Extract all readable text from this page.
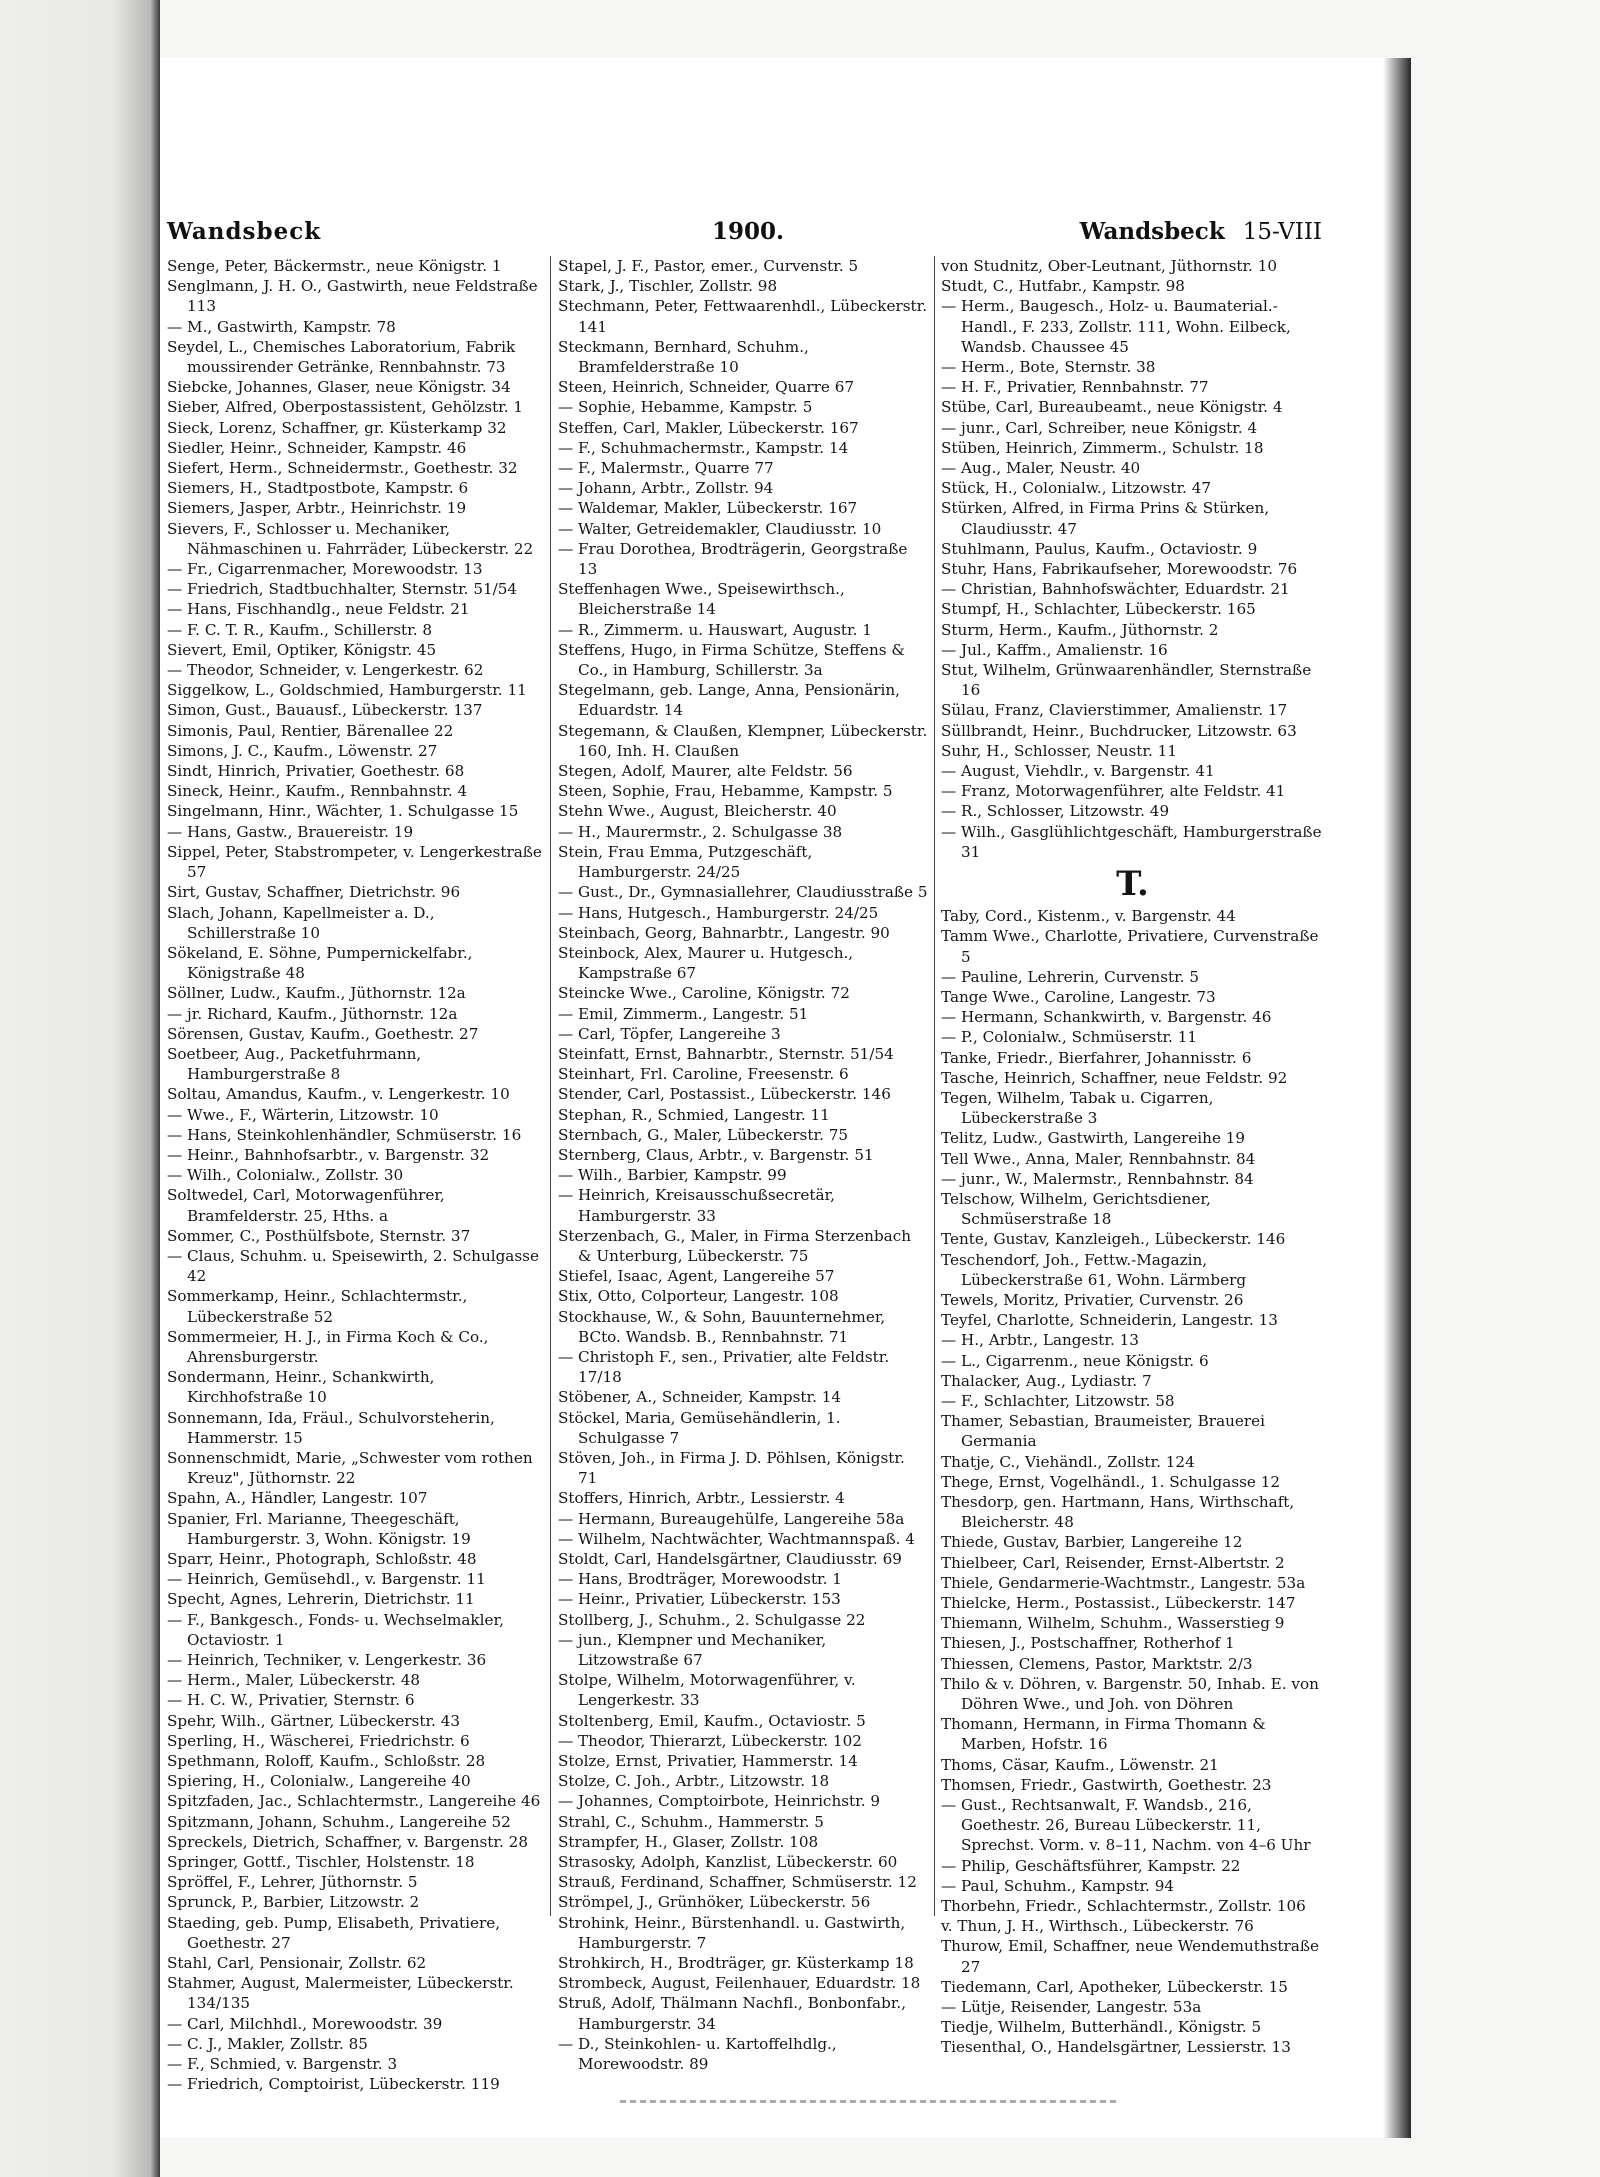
Wandsbeck	1900.	Wandsbeck 15-VIII

Senge, Peter, Bäckermstr., neue Königstr. 1

Senglmann, J. H. O., Gastwirth, neue Feldstraße 113

— M., Gastwirth, Kampstr. 78

Seydel, L., Chemisches Laboratorium, Fabrik moussirender Getränke, Rennbahnstr. 73

Siebcke, Johannes, Glaser, neue Königstr. 34

Sieber, Alfred, Oberpostassistent, Gehölzstr. 1

Sieck, Lorenz, Schaffner, gr. Küsterkamp 32

Siedler, Heinr., Schneider, Kampstr. 46

Siefert, Herm., Schneidermstr., Goethestr. 32

Siemers, H., Stadtpostbote, Kampstr. 6

Siemers, Jasper, Arbtr., Heinrichstr. 19

Sievers, F., Schlosser u. Mechaniker, Nähmaschinen u. Fahrräder, Lübeckerstr. 22

— Fr., Cigarrenmacher, Morewoodstr. 13

— Friedrich, Stadtbuchhalter, Sternstr. 51/54

— Hans, Fischhandlg., neue Feldstr. 21

— F. C. T. R., Kaufm., Schillerstr. 8

Sievert, Emil, Optiker, Königstr. 45

— Theodor, Schneider, v. Lengerkestr. 62

Siggelkow, L., Goldschmied, Hamburgerstr. 11

Simon, Gust., Bauausf., Lübeckerstr. 137

Simonis, Paul, Rentier, Bärenallee 22

Simons, J. C., Kaufm., Löwenstr. 27

Sindt, Hinrich, Privatier, Goethestr. 68

Sineck, Heinr., Kaufm., Rennbahnstr. 4

Singelmann, Hinr., Wächter, 1. Schulgasse 15

— Hans, Gastw., Brauereistr. 19

Sippel, Peter, Stabstrompeter, v. Lengerkestraße 57

Sirt, Gustav, Schaffner, Dietrichstr. 96

Slach, Johann, Kapellmeister a. D., Schillerstraße 10

Sökeland, E. Söhne, Pumpernickelfabr., Königstraße 48

Söllner, Ludw., Kaufm., Jüthornstr. 12a

— jr. Richard, Kaufm., Jüthornstr. 12a

Sörensen, Gustav, Kaufm., Goethestr. 27

Soetbeer, Aug., Packetfuhrmann, Hamburgerstraße 8

Soltau, Amandus, Kaufm., v. Lengerkestr. 10

— Wwe., F., Wärterin, Litzowstr. 10

— Hans, Steinkohlenhändler, Schmüserstr. 16

— Heinr., Bahnhofsarbtr., v. Bargenstr. 32

— Wilh., Colonialw., Zollstr. 30

Soltwedel, Carl, Motorwagenführer, Bramfelderstr. 25, Hths. a

Sommer, C., Posthülfsbote, Sternstr. 37

— Claus, Schuhm. u. Speisewirth, 2. Schulgasse 42

Sommerkamp, Heinr., Schlachtermstr., Lübeckerstraße 52

Sommermeier, H. J., in Firma Koch & Co., Ahrensburgerstr.

Sondermann, Heinr., Schankwirth, Kirchhofstraße 10

Sonnemann, Ida, Fräul., Schulvorsteherin, Hammerstr. 15

Sonnenschmidt, Marie, „Schwester vom rothen Kreuz", Jüthornstr. 22

Spahn, A., Händler, Langestr. 107

Spanier, Frl. Marianne, Theegeschäft, Hamburgerstr. 3, Wohn. Königstr. 19

Sparr, Heinr., Photograph, Schloßstr. 48

— Heinrich, Gemüsehdl., v. Bargenstr. 11

Specht, Agnes, Lehrerin, Dietrichstr. 11

— F., Bankgesch., Fonds- u. Wechselmakler, Octaviostr. 1

— Heinrich, Techniker, v. Lengerkestr. 36

— Herm., Maler, Lübeckerstr. 48

— H. C. W., Privatier, Sternstr. 6

Spehr, Wilh., Gärtner, Lübeckerstr. 43

Sperling, H., Wäscherei, Friedrichstr. 6

Spethmann, Roloff, Kaufm., Schloßstr. 28

Spiering, H., Colonialw., Langereihe 40

Spitzfaden, Jac., Schlachtermstr., Langereihe 46

Spitzmann, Johann, Schuhm., Langereihe 52

Spreckels, Dietrich, Schaffner, v. Bargenstr. 28

Springer, Gottf., Tischler, Holstenstr. 18

Spröffel, F., Lehrer, Jüthornstr. 5

Sprunck, P., Barbier, Litzowstr. 2

Staeding, geb. Pump, Elisabeth, Privatiere, Goethestr. 27

Stahl, Carl, Pensionair, Zollstr. 62

Stahmer, August, Malermeister, Lübeckerstr. 134/135

— Carl, Milchhdl., Morewoodstr. 39

— C. J., Makler, Zollstr. 85

— F., Schmied, v. Bargenstr. 3

— Friedrich, Comptoirist, Lübeckerstr. 119

Stapel, J. F., Pastor, emer., Curvenstr. 5

Stark, J., Tischler, Zollstr. 98

Stechmann, Peter, Fettwaarenhdl., Lübeckerstr. 141

Steckmann, Bernhard, Schuhm., Bramfelderstraße 10

Steen, Heinrich, Schneider, Quarre 67

— Sophie, Hebamme, Kampstr. 5

Steffen, Carl, Makler, Lübeckerstr. 167

— F., Schuhmachermstr., Kampstr. 14

— F., Malermstr., Quarre 77

— Johann, Arbtr., Zollstr. 94

— Waldemar, Makler, Lübeckerstr. 167

— Walter, Getreidemakler, Claudiusstr. 10

— Frau Dorothea, Brodträgerin, Georgstraße 13

Steffenhagen Wwe., Speisewirthsch., Bleicherstraße 14

— R., Zimmerm. u. Hauswart, Augustr. 1

Steffens, Hugo, in Firma Schütze, Steffens & Co., in Hamburg, Schillerstr. 3a

Stegelmann, geb. Lange, Anna, Pensionärin, Eduardstr. 14

Stegemann, & Claußen, Klempner, Lübeckerstr. 160, Inh. H. Claußen

Stegen, Adolf, Maurer, alte Feldstr. 56

Steen, Sophie, Frau, Hebamme, Kampstr. 5

Stehn Wwe., August, Bleicherstr. 40

— H., Maurermstr., 2. Schulgasse 38

Stein, Frau Emma, Putzgeschäft, Hamburgerstr. 24/25

— Gust., Dr., Gymnasiallehrer, Claudiusstraße 5

— Hans, Hutgesch., Hamburgerstr. 24/25

Steinbach, Georg, Bahnarbtr., Langestr. 90

Steinbock, Alex, Maurer u. Hutgesch., Kampstraße 67

Steincke Wwe., Caroline, Königstr. 72

— Emil, Zimmerm., Langestr. 51

— Carl, Töpfer, Langereihe 3

Steinfatt, Ernst, Bahnarbtr., Sternstr. 51/54

Steinhart, Frl. Caroline, Freesenstr. 6

Stender, Carl, Postassist., Lübeckerstr. 146

Stephan, R., Schmied, Langestr. 11

Sternbach, G., Maler, Lübeckerstr. 75

Sternberg, Claus, Arbtr., v. Bargenstr. 51

— Wilh., Barbier, Kampstr. 99

— Heinrich, Kreisausschußsecretär, Hamburgerstr. 33

Sterzenbach, G., Maler, in Firma Sterzenbach & Unterburg, Lübeckerstr. 75

Stiefel, Isaac, Agent, Langereihe 57

Stix, Otto, Colporteur, Langestr. 108

Stockhause, W., & Sohn, Bauunternehmer, BCto. Wandsb. B., Rennbahnstr. 71

— Christoph F., sen., Privatier, alte Feldstr. 17/18

Stöbener, A., Schneider, Kampstr. 14

Stöckel, Maria, Gemüsehändlerin, 1. Schulgasse 7

Stöven, Joh., in Firma J. D. Pöhlsen, Königstr. 71

Stoffers, Hinrich, Arbtr., Lessierstr. 4

— Hermann, Bureaugehülfe, Langereihe 58a

— Wilhelm, Nachtwächter, Wachtmannspaß. 4

Stoldt, Carl, Handelsgärtner, Claudiusstr. 69

— Hans, Brodträger, Morewoodstr. 1

— Heinr., Privatier, Lübeckerstr. 153

Stollberg, J., Schuhm., 2. Schulgasse 22

— jun., Klempner und Mechaniker, Litzowstraße 67

Stolpe, Wilhelm, Motorwagenführer, v. Lengerkestr. 33

Stoltenberg, Emil, Kaufm., Octaviostr. 5

— Theodor, Thierarzt, Lübeckerstr. 102

Stolze, Ernst, Privatier, Hammerstr. 14

Stolze, C. Joh., Arbtr., Litzowstr. 18

— Johannes, Comptoirbote, Heinrichstr. 9

Strahl, C., Schuhm., Hammerstr. 5

Strampfer, H., Glaser, Zollstr. 108

Strasosky, Adolph, Kanzlist, Lübeckerstr. 60

Strauß, Ferdinand, Schaffner, Schmüserstr. 12

Strömpel, J., Grünhöker, Lübeckerstr. 56

Strohink, Heinr., Bürstenhandl. u. Gastwirth, Hamburgerstr. 7

Strohkirch, H., Brodträger, gr. Küsterkamp 18

Strombeck, August, Feilenhauer, Eduardstr. 18

Struß, Adolf, Thälmann Nachfl., Bonbonfabr., Hamburgerstr. 34

— D., Steinkohlen- u. Kartoffelhdlg., Morewoodstr. 89

von Studnitz, Ober-Leutnant, Jüthornstr. 10

Studt, C., Hutfabr., Kampstr. 98

— Herm., Baugesch., Holz- u. Baumaterial.-Handl., F. 233, Zollstr. 111, Wohn. Eilbeck, Wandsb. Chaussee 45

— Herm., Bote, Sternstr. 38

— H. F., Privatier, Rennbahnstr. 77

Stübe, Carl, Bureaubeamt., neue Königstr. 4

— junr., Carl, Schreiber, neue Königstr. 4

Stüben, Heinrich, Zimmerm., Schulstr. 18

— Aug., Maler, Neustr. 40

Stück, H., Colonialw., Litzowstr. 47

Stürken, Alfred, in Firma Prins & Stürken, Claudiusstr. 47

Stuhlmann, Paulus, Kaufm., Octaviostr. 9

Stuhr, Hans, Fabrikaufseher, Morewoodstr. 76

— Christian, Bahnhofswächter, Eduardstr. 21

Stumpf, H., Schlachter, Lübeckerstr. 165

Sturm, Herm., Kaufm., Jüthornstr. 2

— Jul., Kaffm., Amalienstr. 16

Stut, Wilhelm, Grünwaarenhändler, Sternstraße 16

Sülau, Franz, Clavierstimmer, Amalienstr. 17

Süllbrandt, Heinr., Buchdrucker, Litzowstr. 63

Suhr, H., Schlosser, Neustr. 11

— August, Viehdlr., v. Bargenstr. 41

— Franz, Motorwagenführer, alte Feldstr. 41

— R., Schlosser, Litzowstr. 49

— Wilh., Gasglühlichtgeschäft, Hamburgerstraße 31

T.

Taby, Cord., Kistenm., v. Bargenstr. 44

Tamm Wwe., Charlotte, Privatiere, Curvenstraße 5

— Pauline, Lehrerin, Curvenstr. 5

Tange Wwe., Caroline, Langestr. 73

— Hermann, Schankwirth, v. Bargenstr. 46

— P., Colonialw., Schmüserstr. 11

Tanke, Friedr., Bierfahrer, Johannisstr. 6

Tasche, Heinrich, Schaffner, neue Feldstr. 92

Tegen, Wilhelm, Tabak u. Cigarren, Lübeckerstraße 3

Telitz, Ludw., Gastwirth, Langereihe 19

Tell Wwe., Anna, Maler, Rennbahnstr. 84

— junr., W., Malermstr., Rennbahnstr. 84

Telschow, Wilhelm, Gerichtsdiener, Schmüserstraße 18

Tente, Gustav, Kanzleigeh., Lübeckerstr. 146

Teschendorf, Joh., Fettw.-Magazin, Lübeckerstraße 61, Wohn. Lärmberg

Tewels, Moritz, Privatier, Curvenstr. 26

Teyfel, Charlotte, Schneiderin, Langestr. 13

— H., Arbtr., Langestr. 13

— L., Cigarrenm., neue Königstr. 6

Thalacker, Aug., Lydiastr. 7

— F., Schlachter, Litzowstr. 58

Thamer, Sebastian, Braumeister, Brauerei Germania

Thatje, C., Viehändl., Zollstr. 124

Thege, Ernst, Vogelhändl., 1. Schulgasse 12

Thesdorp, gen. Hartmann, Hans, Wirthschaft, Bleicherstr. 48

Thiede, Gustav, Barbier, Langereihe 12

Thielbeer, Carl, Reisender, Ernst-Albertstr. 2

Thiele, Gendarmerie-Wachtmstr., Langestr. 53a

Thielcke, Herm., Postassist., Lübeckerstr. 147

Thiemann, Wilhelm, Schuhm., Wasserstieg 9

Thiesen, J., Postschaffner, Rotherhof 1

Thiessen, Clemens, Pastor, Marktstr. 2/3

Thilo & v. Döhren, v. Bargenstr. 50, Inhab. E. von Döhren Wwe., und Joh. von Döhren

Thomann, Hermann, in Firma Thomann & Marben, Hofstr. 16

Thoms, Cäsar, Kaufm., Löwenstr. 21

Thomsen, Friedr., Gastwirth, Goethestr. 23

— Gust., Rechtsanwalt, F. Wandsb., 216, Goethestr. 26, Bureau Lübeckerstr. 11, Sprechst. Vorm. v. 8–11, Nachm. von 4–6 Uhr

— Philip, Geschäftsführer, Kampstr. 22

— Paul, Schuhm., Kampstr. 94

Thorbehn, Friedr., Schlachtermstr., Zollstr. 106

v. Thun, J. H., Wirthsch., Lübeckerstr. 76

Thurow, Emil, Schaffner, neue Wendemuthstraße 27

Tiedemann, Carl, Apotheker, Lübeckerstr. 15

— Lütje, Reisender, Langestr. 53a

Tiedje, Wilhelm, Butterhändl., Königstr. 5

Tiesenthal, O., Handelsgärtner, Lessierstr. 13
